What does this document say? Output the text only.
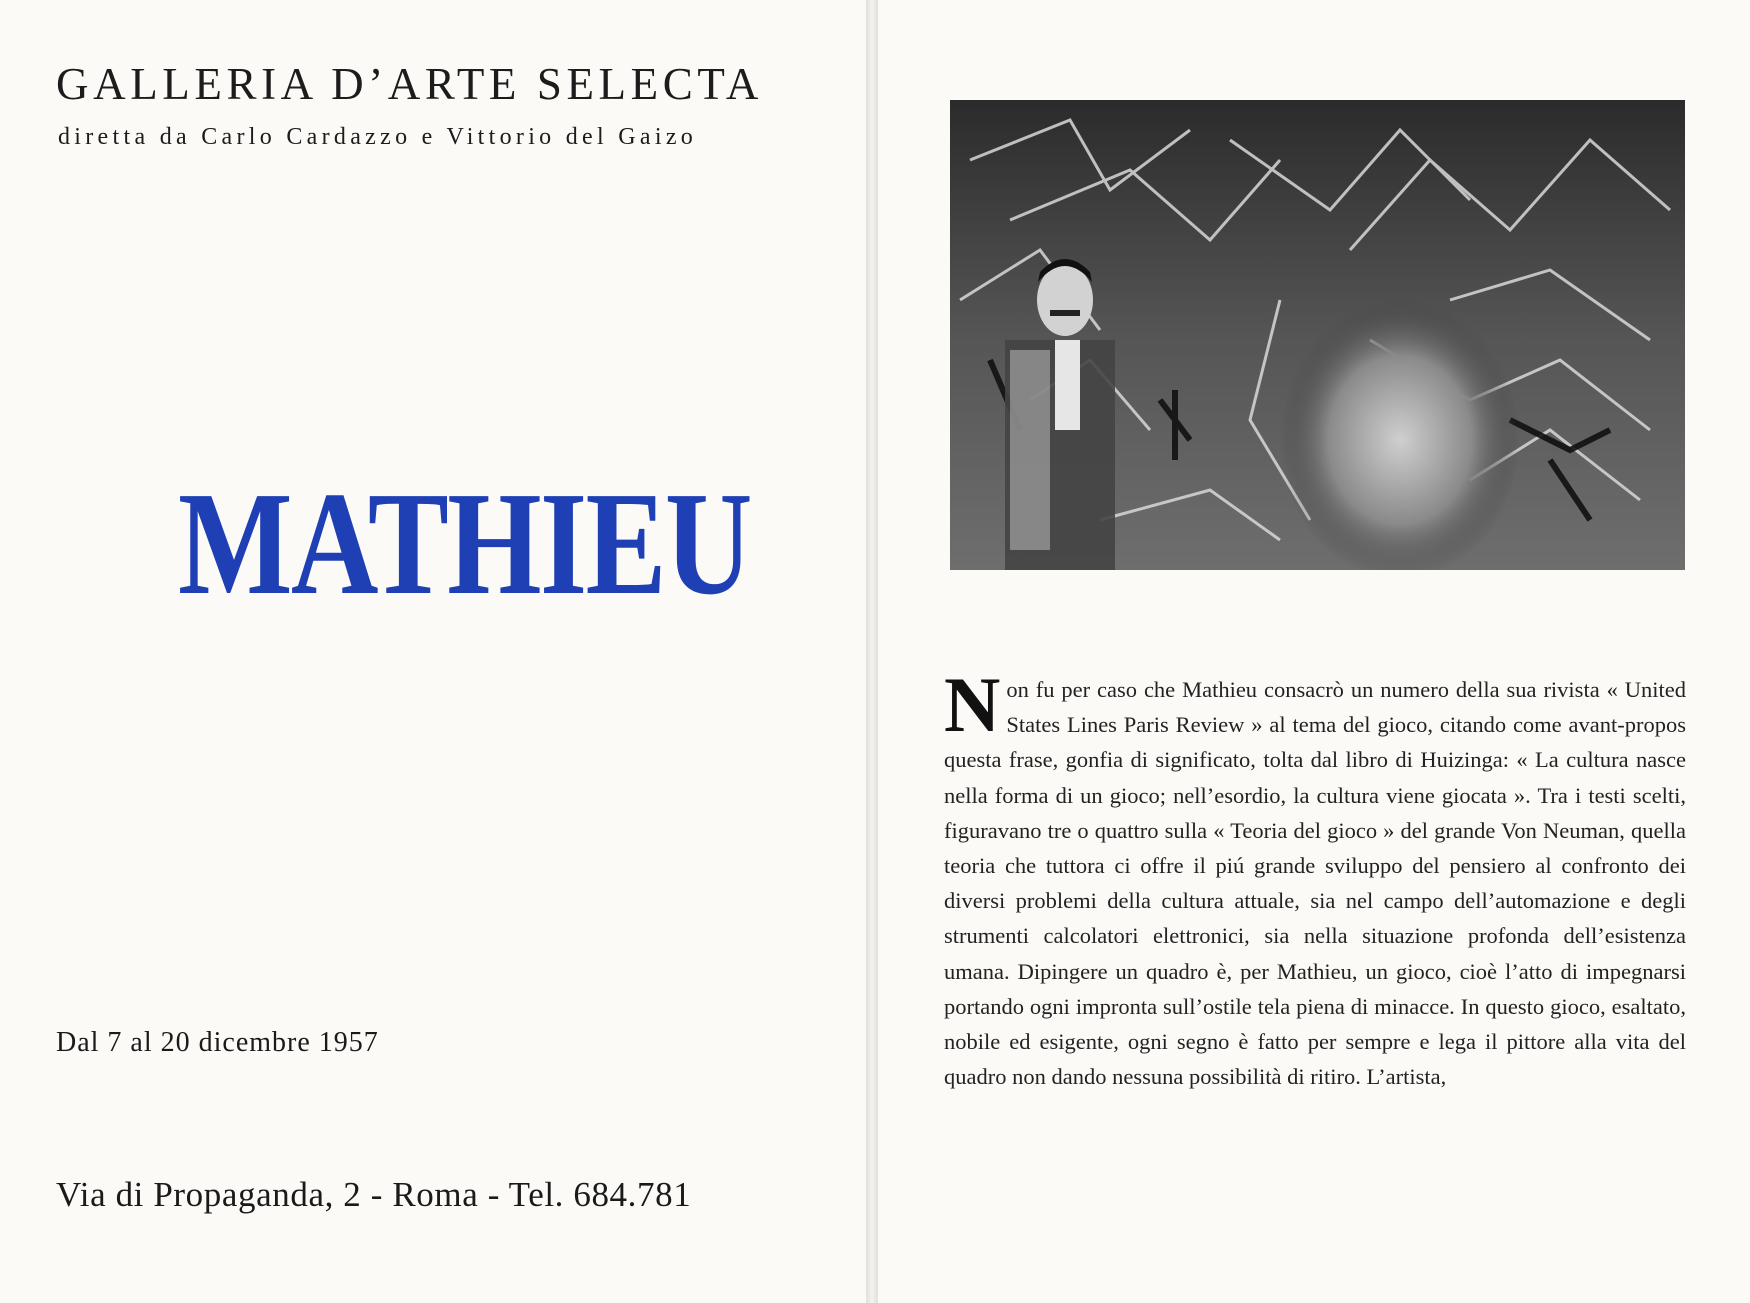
GALLERIA D’ARTE SELECTA
diretta da Carlo Cardazzo e Vittorio del Gaizo
MATHIEU
Dal 7 al 20 dicembre 1957
Via di Propaganda, 2 - Roma - Tel. 684.781
Non fu per caso che Mathieu consacrò un numero della sua rivista « United States Lines Paris Review » al tema del gioco, citando come avant-propos questa frase, gonfia di significato, tolta dal libro di Huizinga: « La cultura nasce nella forma di un gioco; nell’esordio, la cultura viene giocata ». Tra i testi scelti, figuravano tre o quattro sulla « Teoria del gioco » del grande Von Neuman, quella teoria che tuttora ci offre il piú grande sviluppo del pensiero al confronto dei diversi problemi della cultura attuale, sia nel campo dell’automazione e degli strumenti calcolatori elettronici, sia nella situazione profonda dell’esistenza umana. Dipingere un quadro è, per Mathieu, un gioco, cioè l’atto di impegnarsi portando ogni impronta sull’ostile tela piena di minacce. In questo gioco, esaltato, nobile ed esigente, ogni segno è fatto per sempre e lega il pittore alla vita del quadro non dando nessuna possibilità di ritiro. L’artista,
